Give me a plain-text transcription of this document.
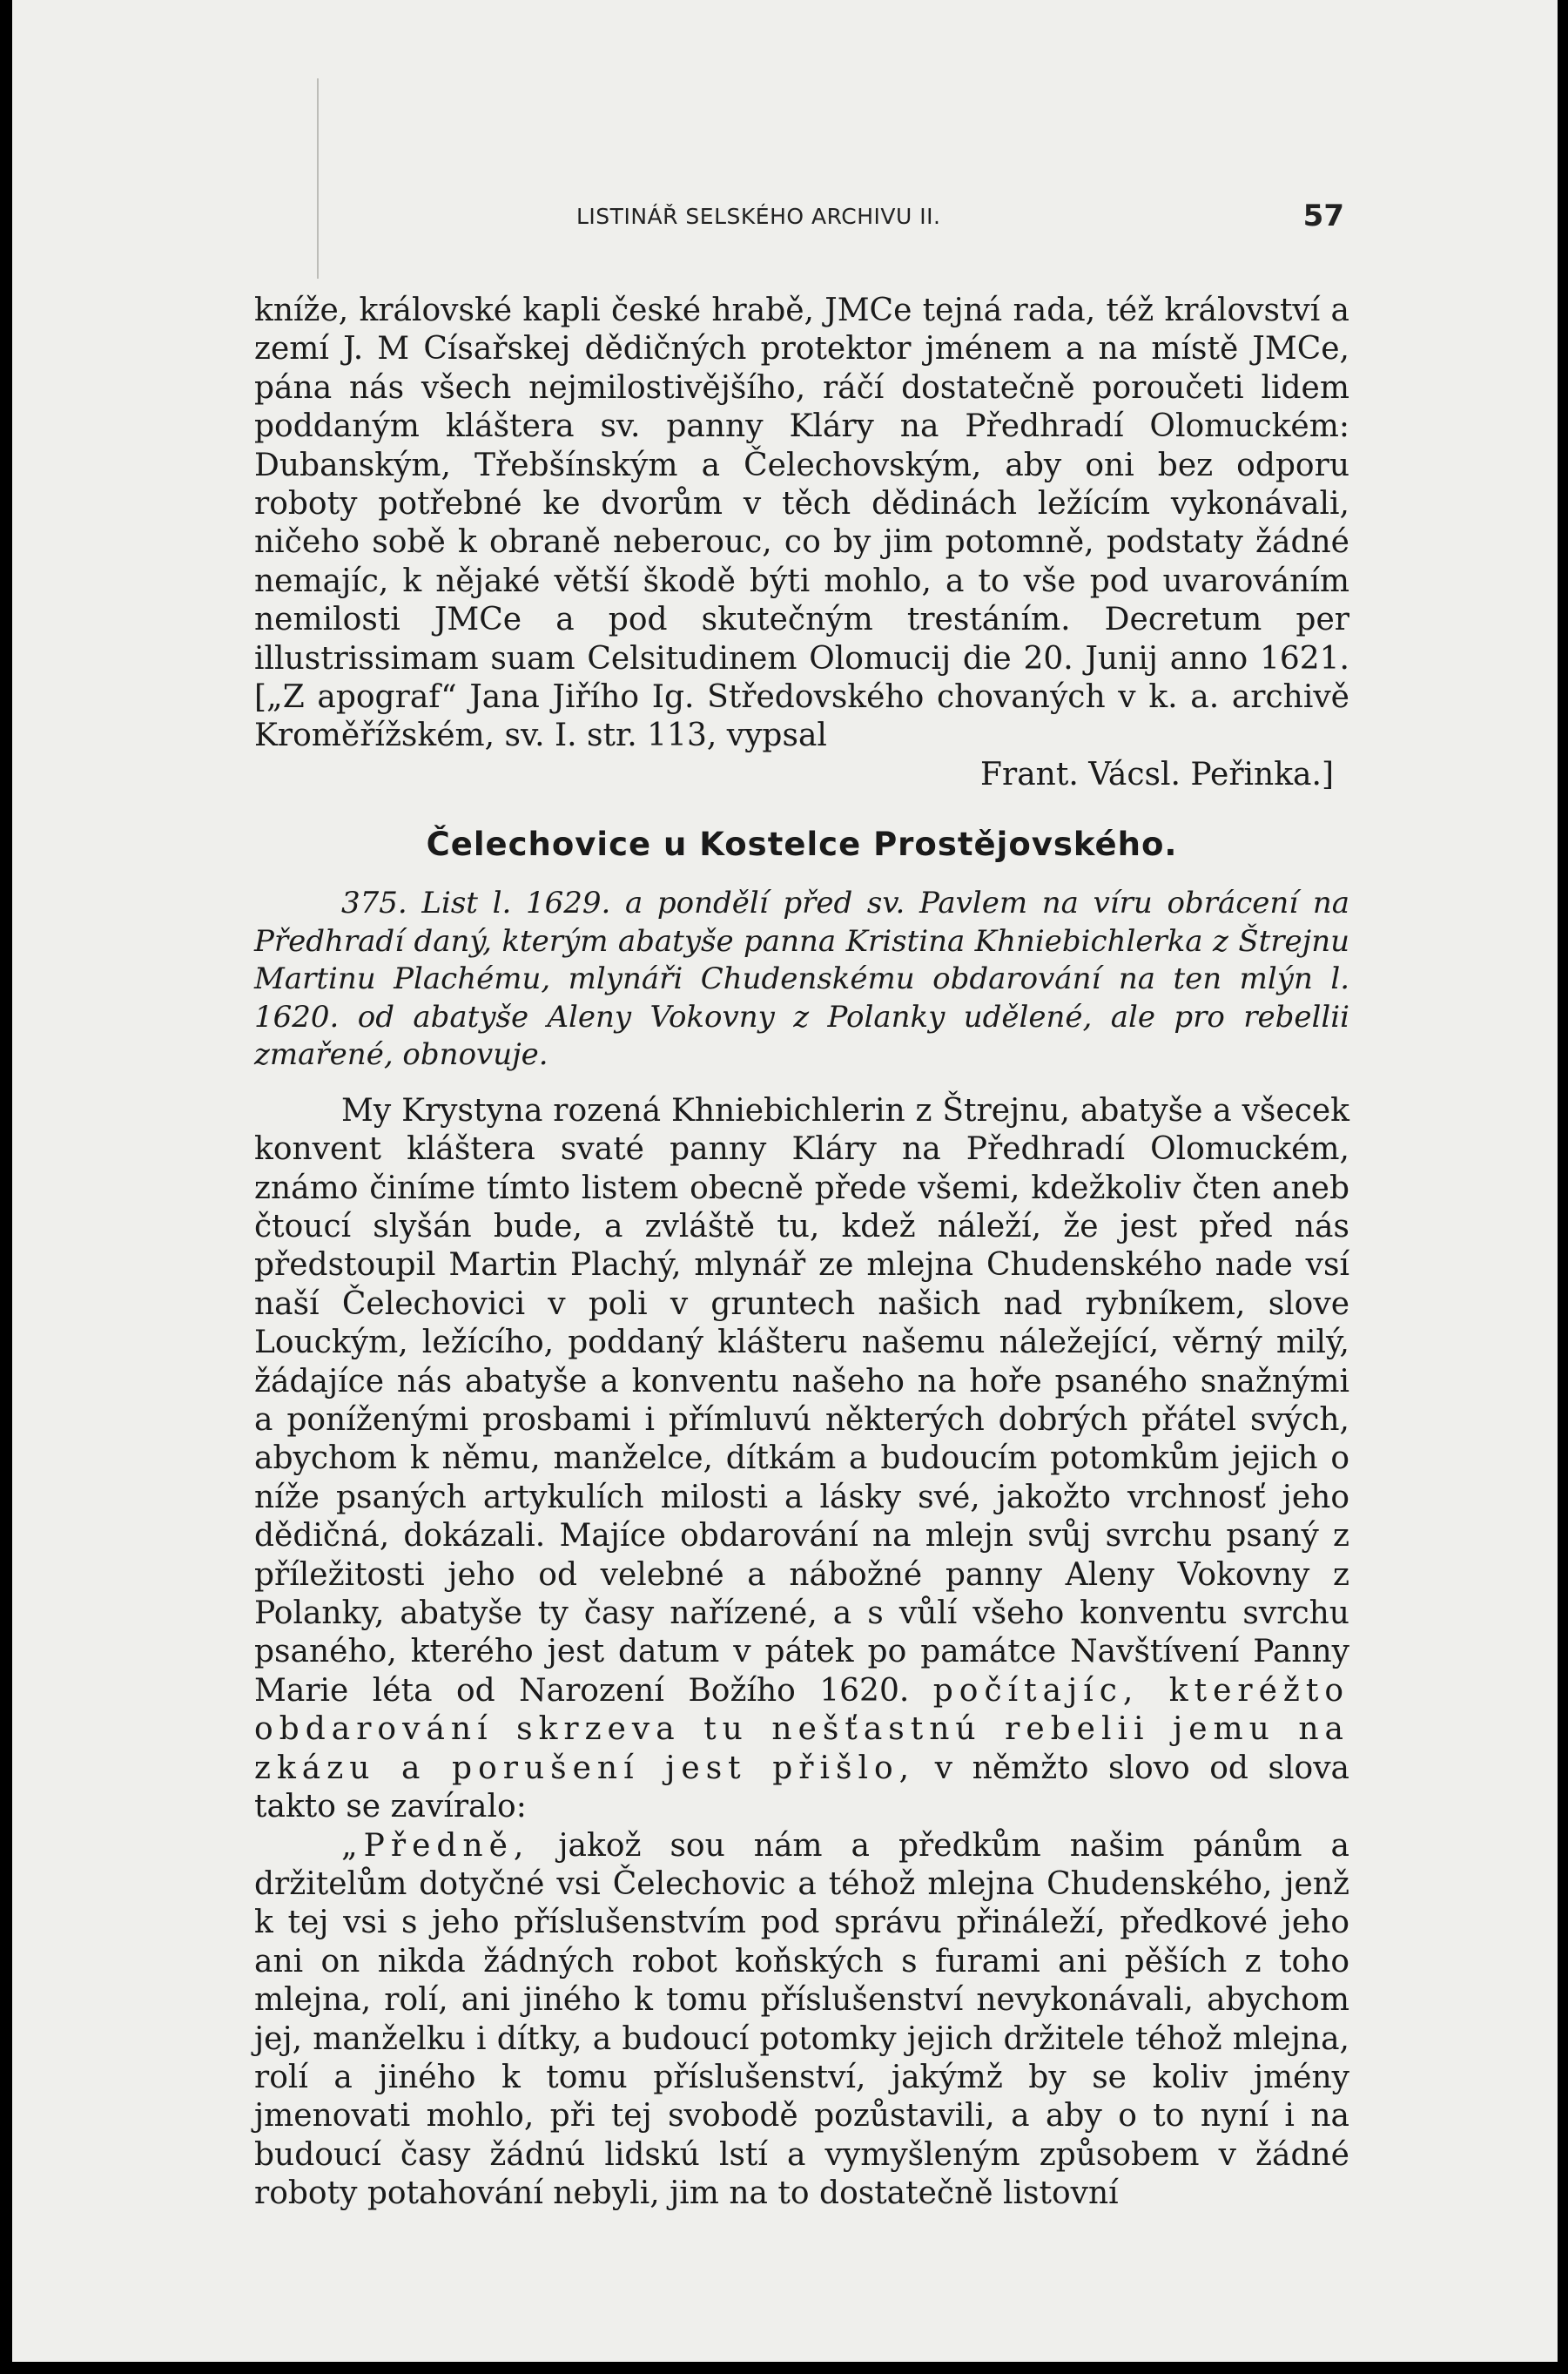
LISTINÁŘ SELSKÉHO ARCHIVU II.	57

kníže, královské kapli české hrabě, JMCe tejná rada, též království a zemí J. M Císařskej dědičných protektor jménem a na místě JMCe, pána nás všech nejmilostivějšího, ráčí dostatečně poroučeti lidem poddaným kláštera sv. panny Kláry na Předhradí Olomuckém: Dubanským, Třebšínským a Čelechovským, aby oni bez odporu roboty potřebné ke dvorům v těch dědinách ležícím vykonávali, ničeho sobě k obraně neberouc, co by jim potomně, podstaty žádné nemajíc, k nějaké větší škodě býti mohlo, a to vše pod uvarováním nemilosti JMCe a pod skutečným trestáním. Decretum per illustrissimam suam Celsitudinem Olomucij die 20. Junij anno 1621. [„Z apograf“ Jana Jiřího Ig. Středovského chovaných v k. a. archivě Kroměřížském, sv. I. str. 113, vypsal

Frant. Vácsl. Peřinka.]

Čelechovice u Kostelce Prostějovského.

375. List l. 1629. a pondělí před sv. Pavlem na víru obrácení na Předhradí daný, kterým abatyše panna Kristina Khniebichlerka z Štrejnu Martinu Plachému, mlynáři Chudenskému obdarování na ten mlýn l. 1620. od abatyše Aleny Vokovny z Polanky udělené, ale pro rebellii zmařené, obnovuje.

My Krystyna rozená Khniebichlerin z Štrejnu, abatyše a všecek konvent kláštera svaté panny Kláry na Předhradí Olomuckém, známo činíme tímto listem obecně přede všemi, kdežkoliv čten aneb čtoucí slyšán bude, a zvláště tu, kdež náleží, že jest před nás předstoupil Martin Plachý, mlynář ze mlejna Chudenského nade vsí naší Čelechovici v poli v gruntech našich nad rybníkem, slove Louckým, ležícího, poddaný klášteru našemu náležející, věrný milý, žádajíce nás abatyše a konventu našeho na hoře psaného snažnými a poníženými prosbami i přímluvú některých dobrých přátel svých, abychom k němu, manželce, dítkám a budoucím potomkům jejich o níže psaných artykulích milosti a lásky své, jakožto vrchnosť jeho dědičná, dokázali. Majíce obdarování na mlejn svůj svrchu psaný z příležitosti jeho od velebné a nábožné panny Aleny Vokovny z Polanky, abatyše ty časy nařízené, a s vůlí všeho konventu svrchu psaného, kterého jest datum v pátek po památce Navštívení Panny Marie léta od Narození Božího 1620. počítajíc, kteréžto obdarování skrzeva tu nešťastnú rebelii jemu na zkázu a porušení jest přišlo, v němžto slovo od slova takto se zavíralo:

„Předně, jakož sou nám a předkům našim pánům a držitelům dotyčné vsi Čelechovic a téhož mlejna Chudenského, jenž k tej vsi s jeho příslušenstvím pod správu přináleží, předkové jeho ani on nikda žádných robot koňských s furami ani pěších z toho mlejna, rolí, ani jiného k tomu příslušenství nevykonávali, abychom jej, manželku i dítky, a budoucí potomky jejich držitele téhož mlejna, rolí a jiného k tomu příslušenství, jakýmž by se koliv jmény jmenovati mohlo, při tej svobodě pozůstavili, a aby o to nyní i na budoucí časy žádnú lidskú lstí a vymyšleným způsobem v žádné roboty potahování nebyli, jim na to dostatečně listovní
